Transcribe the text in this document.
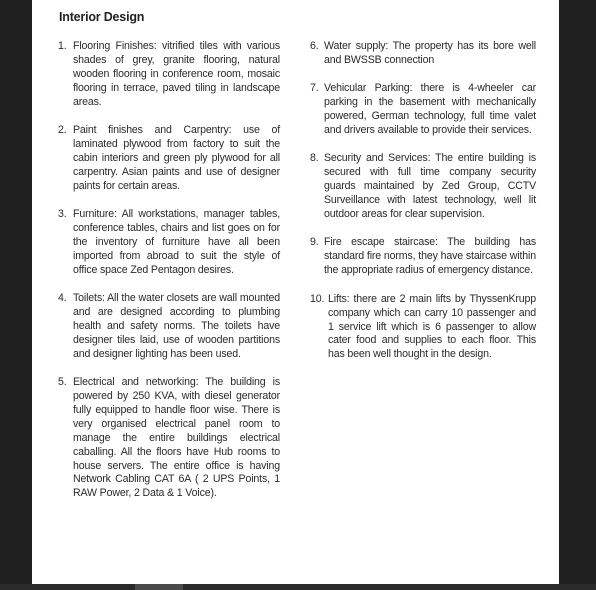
Interior Design
1. Flooring Finishes: vitrified tiles with various shades of grey, granite flooring, natural wooden flooring in conference room, mosaic flooring in terrace, paved tiling in landscape areas.
2. Paint finishes and Carpentry: use of laminated plywood from factory to suit the cabin interiors and green ply plywood for all carpentry. Asian paints and use of designer paints for certain areas.
3. Furniture: All workstations, manager tables, conference tables, chairs and list goes on for the inventory of furniture have all been imported from abroad to suit the style of office space Zed Pentagon desires.
4. Toilets: All the water closets are wall mounted and are designed according to plumbing health and safety norms. The toilets have designer tiles laid, use of wooden partitions and designer lighting has been used.
5. Electrical and networking: The building is powered by 250 KVA, with diesel generator fully equipped to handle floor wise. There is very organised electrical panel room to manage the entire buildings electrical caballing. All the floors have Hub rooms to house servers. The entire office is having Network Cabling CAT 6A ( 2 UPS Points, 1 RAW Power, 2 Data & 1 Voice).
6. Water supply: The property has its bore well and BWSSB connection
7. Vehicular Parking: there is 4-wheeler car parking in the basement with mechanically powered, German technology, full time valet and drivers available to provide their services.
8. Security and Services: The entire building is secured with full time company security guards maintained by Zed Group, CCTV Surveillance with latest technology, well lit outdoor areas for clear supervision.
9. Fire escape staircase: The building has standard fire norms, they have staircase within the appropriate radius of emergency distance.
10. Lifts: there are 2 main lifts by ThyssenKrupp company which can carry 10 passenger and 1 service lift which is 6 passenger to allow cater food and supplies to each floor. This has been well thought in the design.
